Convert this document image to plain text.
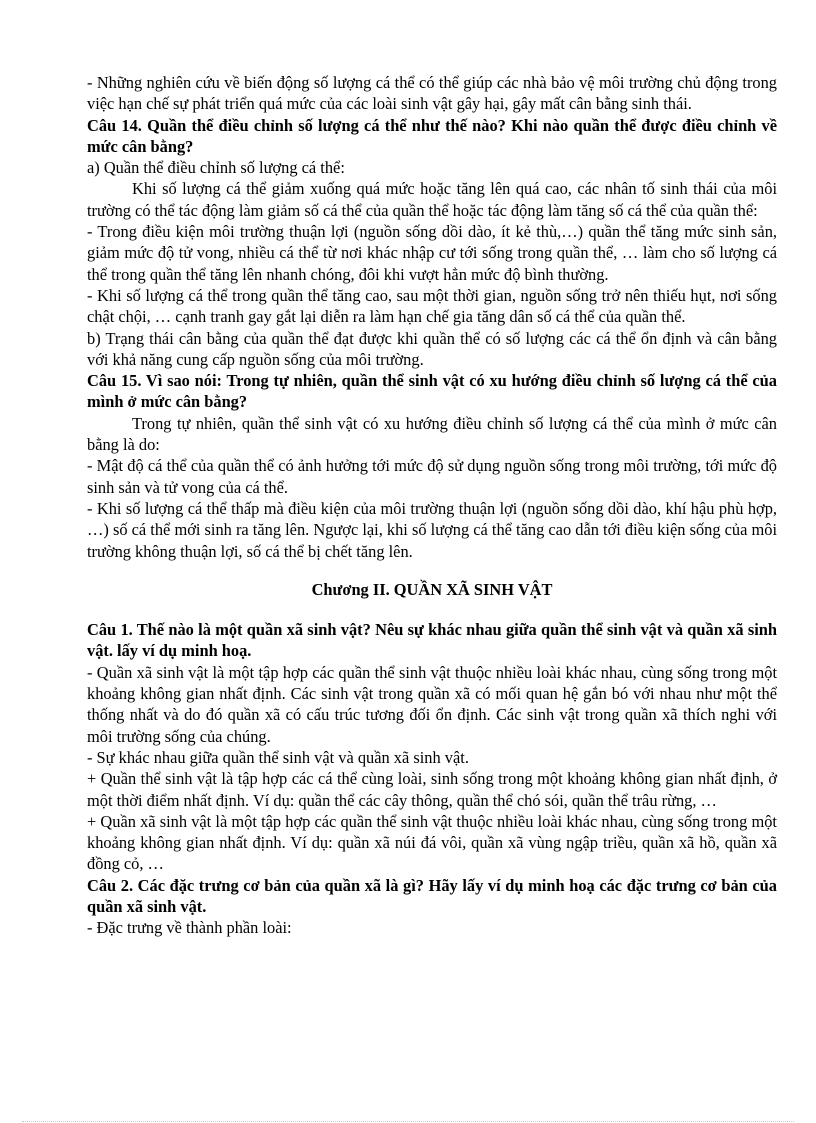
- Những nghiên cứu về biến động số lượng cá thể có thể giúp các nhà bảo vệ môi trường chủ động trong việc hạn chế sự phát triển quá mức của các loài sinh vật gây hại, gây mất cân bằng sinh thái.

Câu 14. Quần thể điều chỉnh số lượng cá thể như thế nào? Khi nào quần thể được điều chỉnh về mức cân bằng?

a) Quần thể điều chỉnh số lượng cá thể:

Khi số lượng cá thể giảm xuống quá mức hoặc tăng lên quá cao, các nhân tố sinh thái của môi trường có thể tác động làm giảm số cá thể của quần thể hoặc tác động làm tăng số cá thể của quần thể:

- Trong điều kiện môi trường thuận lợi (nguồn sống dồi dào, ít kẻ thù,…) quần thể tăng mức sinh sản, giảm mức độ tử vong, nhiều cá thể từ nơi khác nhập cư tới sống trong quần thể, … làm cho số lượng cá thể trong quần thể tăng lên nhanh chóng, đôi khi vượt hẳn mức độ bình thường.

- Khi số lượng cá thể trong quần thể tăng cao, sau một thời gian, nguồn sống trở nên thiếu hụt, nơi sống chật chội, … cạnh tranh gay gắt lại diễn ra làm hạn chế gia tăng dân số cá thể của quần thể.

b) Trạng thái cân bằng của quần thể đạt được khi quần thể có số lượng các cá thể ổn định và cân bằng với khả năng cung cấp nguồn sống của môi trường.

Câu 15. Vì sao nói: Trong tự nhiên, quần thể sinh vật có xu hướng điều chỉnh số lượng cá thể của mình ở mức cân bằng?

Trong tự nhiên, quần thể sinh vật có xu hướng điều chỉnh số lượng cá thể của mình ở mức cân bằng là do:

- Mật độ cá thể của quần thể có ảnh hưởng tới mức độ sử dụng nguồn sống trong môi trường, tới mức độ sinh sản và tử vong của cá thể.

- Khi số lượng cá thể thấp mà điều kiện của môi trường thuận lợi (nguồn sống dồi dào, khí hậu phù hợp, …) số cá thể mới sinh ra tăng lên. Ngược lại, khi số lượng cá thể tăng cao dẫn tới điều kiện sống của môi trường không thuận lợi, số cá thể bị chết tăng lên.

Chương II. QUẦN XÃ SINH VẬT

Câu 1. Thế nào là một quần xã sinh vật? Nêu sự khác nhau giữa quần thể sinh vật và quần xã sinh vật. lấy ví dụ minh hoạ.

- Quần xã sinh vật là một tập hợp các quần thể sinh vật thuộc nhiều loài khác nhau, cùng sống trong một khoảng không gian nhất định. Các sinh vật trong quần xã có mối quan hệ gắn bó với nhau như một thể thống nhất và do đó quần xã có cấu trúc tương đối ổn định. Các sinh vật trong quần xã thích nghi với môi trường sống của chúng.

- Sự khác nhau giữa quần thể sinh vật và quần xã sinh vật.

+ Quần thể sinh vật là tập hợp các cá thể cùng loài, sinh sống trong một khoảng không gian nhất định, ở một thời điểm nhất định. Ví dụ: quần thể các cây thông, quần thể chó sói, quần thể trâu rừng, …

+ Quần xã sinh vật là một tập hợp các quần thể sinh vật thuộc nhiều loài khác nhau, cùng sống trong một khoảng không gian nhất định. Ví dụ: quần xã núi đá vôi, quần xã vùng ngập triều, quần xã hồ, quần xã đồng cỏ, …

Câu 2. Các đặc trưng cơ bản của quần xã là gì? Hãy lấy ví dụ minh hoạ các đặc trưng cơ bản của quần xã sinh vật.

- Đặc trưng về thành phần loài:
